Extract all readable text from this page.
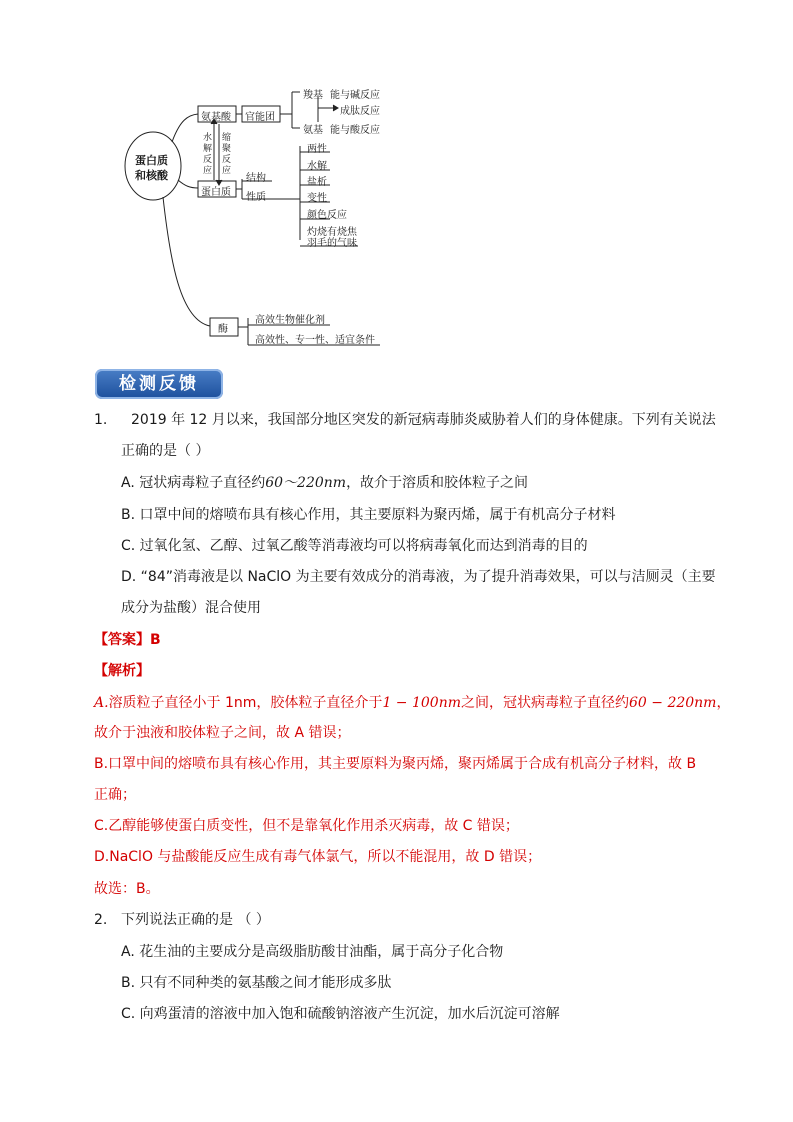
蛋白质
和核酸
氨基酸 官能团
羧基 能与碱反应
成肽反应
氨基 能与酸反应
水解反应
缩聚反应
蛋白质
结构
性质
两性
水解
盐析
变性
颜色反应
灼烧有烧焦
羽毛的气味
酶
高效生物催化剂
高效性、专一性、适宜条件
检测反馈
1. 2019 年 12 月以来，我国部分地区突发的新冠病毒肺炎威胁着人们的身体健康。下列有关说法
正确的是（ ）
A. 冠状病毒粒子直径约60～220nm，故介于溶质和胶体粒子之间
B. 口罩中间的熔喷布具有核心作用，其主要原料为聚丙烯，属于有机高分子材料
C. 过氧化氢、乙醇、过氧乙酸等消毒液均可以将病毒氧化而达到消毒的目的
D. “84”消毒液是以 NaClO 为主要有效成分的消毒液，为了提升消毒效果，可以与洁厕灵（主要
成分为盐酸）混合使用
【答案】B
【解析】
A.溶质粒子直径小于 1nm，胶体粒子直径介于1 − 100nm之间，冠状病毒粒子直径约60 − 220nm，
故介于浊液和胶体粒子之间，故 A 错误；
B.口罩中间的熔喷布具有核心作用，其主要原料为聚丙烯，聚丙烯属于合成有机高分子材料，故 B
正确；
C.乙醇能够使蛋白质变性，但不是靠氧化作用杀灭病毒，故 C 错误；
D.NaClO 与盐酸能反应生成有毒气体氯气，所以不能混用，故 D 错误；
故选：B。
2. 下列说法正确的是 （ ）
A. 花生油的主要成分是高级脂肪酸甘油酯，属于高分子化合物
B. 只有不同种类的氨基酸之间才能形成多肽
C. 向鸡蛋清的溶液中加入饱和硫酸钠溶液产生沉淀，加水后沉淀可溶解
